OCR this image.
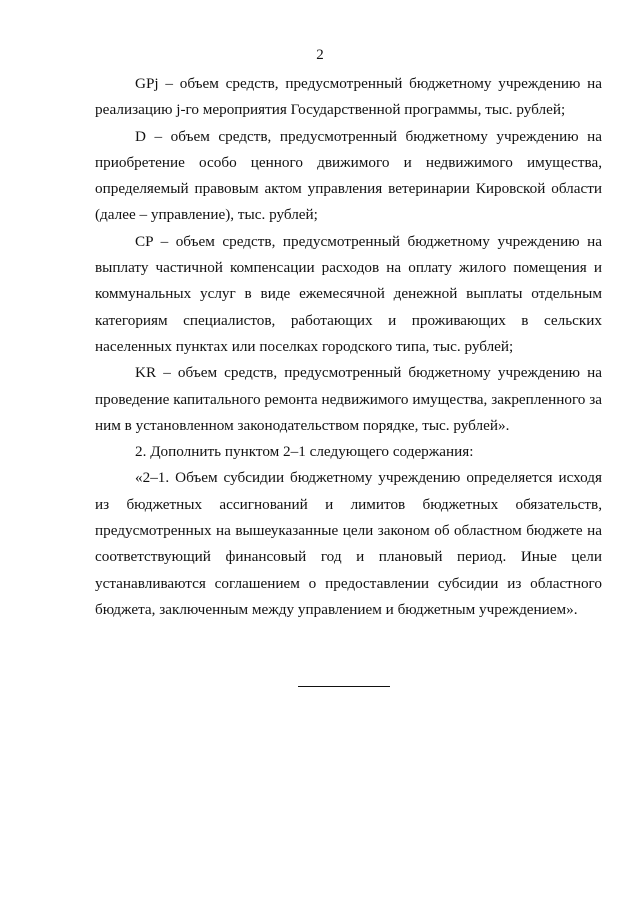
2

GPj – объем средств, предусмотренный бюджетному учреждению на реализацию j-го мероприятия Государственной программы, тыс. рублей;

D – объем средств, предусмотренный бюджетному учреждению на приобретение особо ценного движимого и недвижимого имущества, определяемый правовым актом управления ветеринарии Кировской области (далее – управление), тыс. рублей;

CP – объем средств, предусмотренный бюджетному учреждению на выплату частичной компенсации расходов на оплату жилого помещения и коммунальных услуг в виде ежемесячной денежной выплаты отдельным категориям специалистов, работающих и проживающих в сельских населенных пунктах или поселках городского типа, тыс. рублей;

KR – объем средств, предусмотренный бюджетному учреждению на проведение капитального ремонта недвижимого имущества, закрепленного за ним в установленном законодательством порядке, тыс. рублей».

2. Дополнить пунктом 2–1 следующего содержания:

«2–1. Объем субсидии бюджетному учреждению определяется исходя из бюджетных ассигнований и лимитов бюджетных обязательств, предусмотренных на вышеуказанные цели законом об областном бюджете на соответствующий финансовый год и плановый период. Иные цели устанавливаются соглашением о предоставлении субсидии из областного бюджета, заключенным между управлением и бюджетным учреждением».
